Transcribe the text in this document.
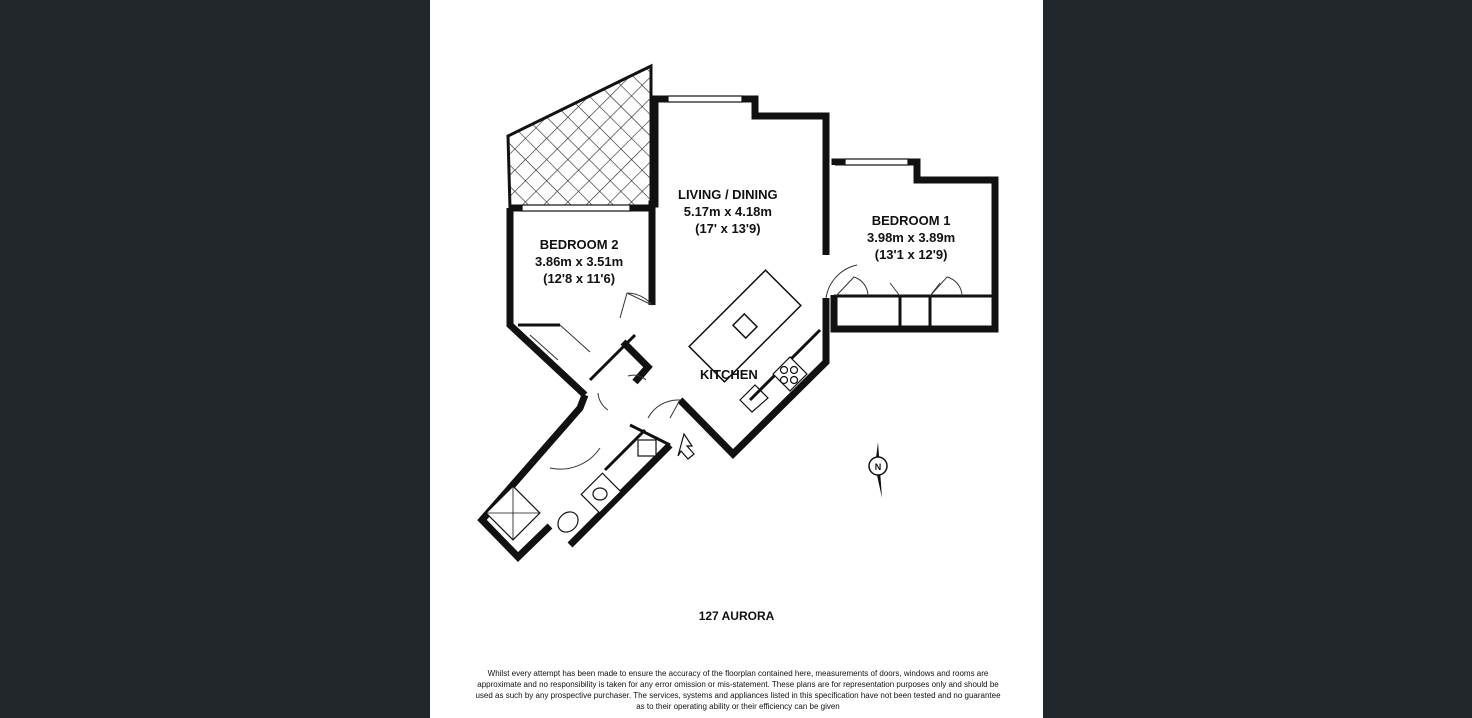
N
LIVING / DINING
5.17m x 4.18m
(17' x 13'9)
BEDROOM 1
3.98m x 3.89m
(13'1 x 12'9)
BEDROOM 2
3.86m x 3.51m
(12'8 x 11'6)
KITCHEN
127 AURORA
Whilst every attempt has been made to ensure the accuracy of the floorplan contained here, measurements of doors, windows and rooms are
approximate and no responsibility is taken for any error omission or mis-statement. These plans are for representation purposes only and should be
used as such by any prospective purchaser. The services, systems and appliances listed in this specification have not been tested and no guarantee
as to their operating ability or their efficiency can be given
